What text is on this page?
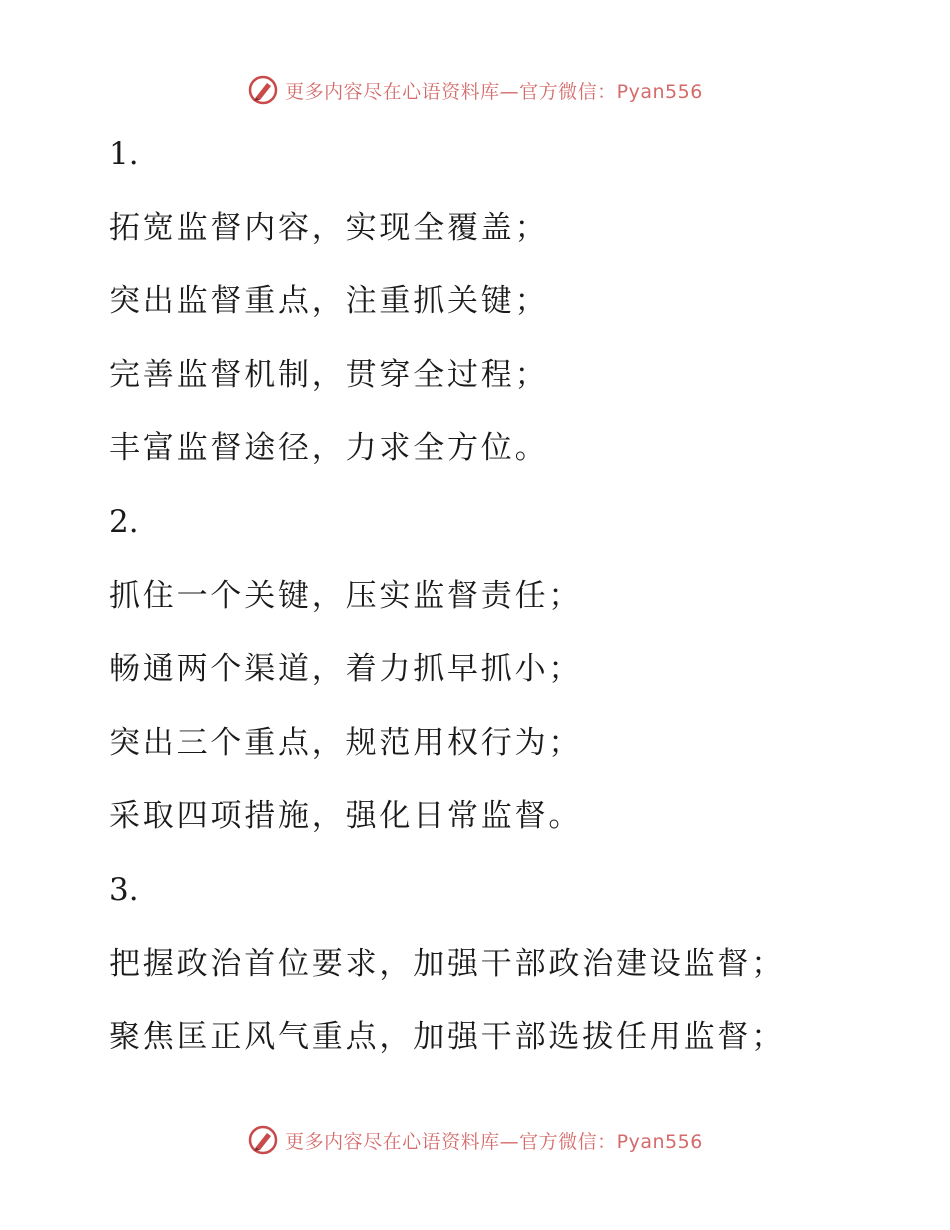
更多内容尽在心语资料库—官方微信：Pyan556
1.
拓宽监督内容，实现全覆盖；
突出监督重点，注重抓关键；
完善监督机制，贯穿全过程；
丰富监督途径，力求全方位。
2.
抓住一个关键，压实监督责任；
畅通两个渠道，着力抓早抓小；
突出三个重点，规范用权行为；
采取四项措施，强化日常监督。
3.
把握政治首位要求，加强干部政治建设监督；
聚焦匡正风气重点，加强干部选拔任用监督；
更多内容尽在心语资料库—官方微信：Pyan556
